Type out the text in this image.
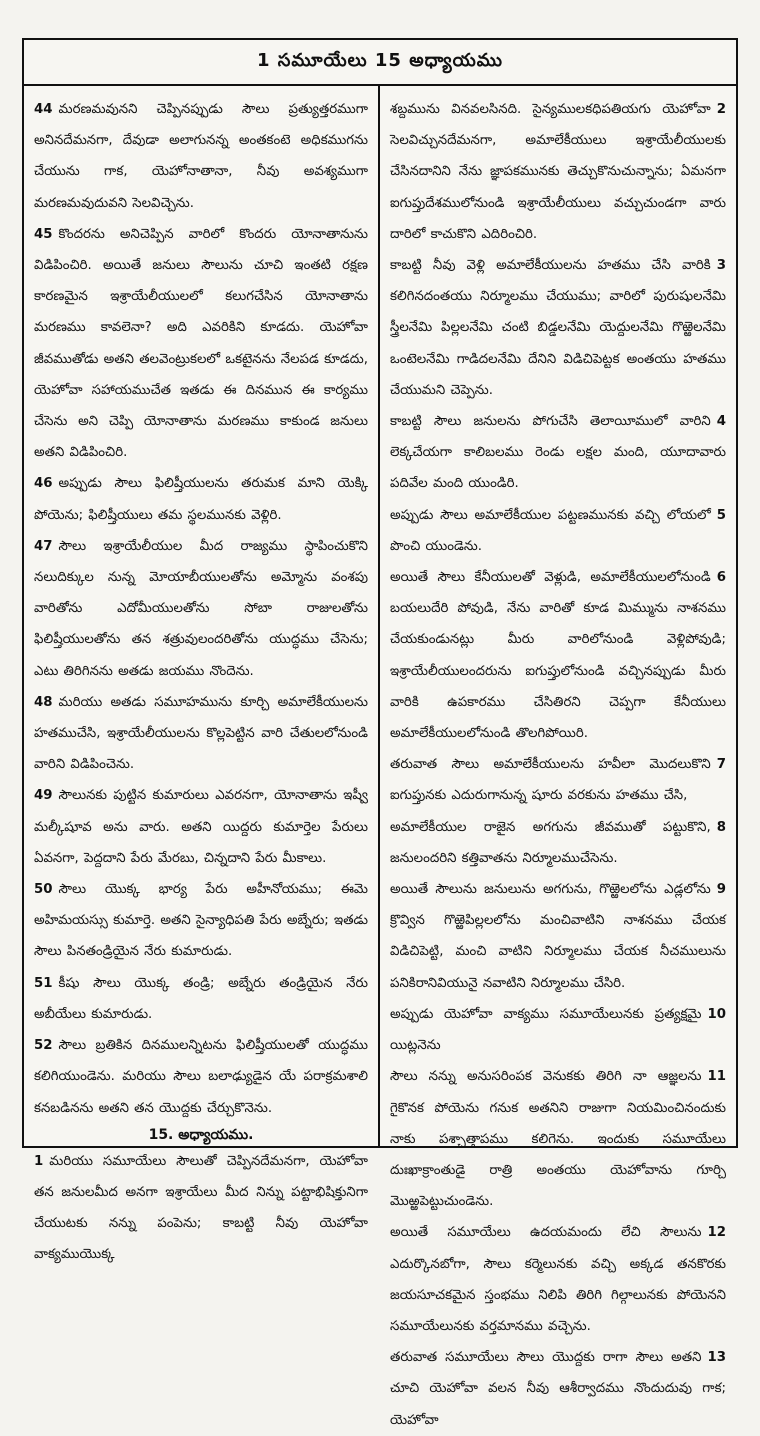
1 సమూయేలు 15 అధ్యాయము

44 మరణమవునని చెప్పినప్పుడు సౌలు ప్రత్యుత్తరముగా అనినదేమనగా, దేవుడా అలాగునన్న అంతకంటె అధికముగను చేయును గాక, యెహోనాతానా, నీవు అవశ్యముగా మరణమవుదువని సెలవిచ్చెను.

45 కొందరను అనిచెప్పిన వారిలో కొందరు యోనాతానును విడిపించిరి. అయితే జనులు సౌలును చూచి ఇంతటి రక్షణ కారణమైన ఇశ్రాయేలీయులలో కలుగచేసిన యోనాతాను మరణము కావలెనా? అది ఎవరికిని కూడదు. యెహోవా జీవముతోడు అతని తలవెంట్రుకలలో ఒకటైనను నేలపడ కూడదు, యెహోవా సహాయముచేత ఇతడు ఈ దినమున ఈ కార్యము చేసెను అని చెప్పి యోనాతాను మరణము కాకుండ జనులు అతని విడిపించిరి.

46 అప్పుడు సౌలు ఫిలిష్తీయులను తరుమక మాని యెక్కి పోయెను; ఫిలిష్తీయులు తమ స్థలమునకు వెళ్లిరి.

47 సౌలు ఇశ్రాయేలీయుల మీద రాజ్యము స్థాపించుకొని నలుదిక్కుల నున్న మోయాబీయులతోను అమ్మోను వంశపు వారితోను ఎదోమీయులతోను సోబా రాజులతోను ఫిలిష్తీయులతోను తన శత్రువులందరితోను యుద్ధము చేసెను; ఎటు తిరిగినను అతడు జయము నొందెను.

48 మరియు అతడు సమూహమును కూర్చి అమాలేకీయులను హతముచేసి, ఇశ్రాయేలీయులను కొల్లపెట్టిన వారి చేతులలోనుండి వారిని విడిపించెను.

49 సౌలునకు పుట్టిన కుమారులు ఎవరనగా, యోనాతాను ఇష్వీ మల్కీషూవ అను వారు. అతని యిద్దరు కుమార్తెల పేరులు ఏవనగా, పెద్దదాని పేరు మేరబు, చిన్నదాని పేరు మీకాలు.

50 సౌలు యొక్క భార్య పేరు అహీనోయము; ఈమె అహిమయస్సు కుమార్తె. అతని సైన్యాధిపతి పేరు అబ్నేరు; ఇతడు సౌలు పినతండ్రియైన నేరు కుమారుడు.

51 కీషు సౌలు యొక్క తండ్రి; అబ్నేరు తండ్రియైన నేరు అబీయేలు కుమారుడు.

52 సౌలు బ్రతికిన దినములన్నిటను ఫిలిష్తీయులతో యుద్ధము కలిగియుండెను. మరియు సౌలు బలాఢ్యుడైన యే పరాక్రమశాలి కనబడినను అతని తన యొద్దకు చేర్చుకొనెను.

15. అధ్యాయము.

1 మరియు సమూయేలు సౌలుతో చెప్పినదేమనగా, యెహోవా తన జనులమీద అనగా ఇశ్రాయేలు మీద నిన్ను పట్టాభిషిక్తునిగా చేయుటకు నన్ను పంపెను; కాబట్టి నీవు యెహోవా వాక్యముయొక్క

2
శబ్దమును వినవలసినది. సైన్యములకధిపతియగు యెహోవా సెలవిచ్చునదేమనగా, అమాలేకీయులు ఇశ్రాయేలీయులకు చేసినదానిని నేను జ్ఞాపకమునకు తెచ్చుకొనుచున్నాను; ఏమనగా ఐగుప్తుదేశములోనుండి ఇశ్రాయేలీయులు వచ్చుచుండగా వారు దారిలో కాచుకొని ఎదిరించిరి.

3
కాబట్టి నీవు వెళ్లి అమాలేకీయులను హతము చేసి వారికి కలిగినదంతయు నిర్మూలము చేయుము; వారిలో పురుషులనేమి స్త్రీలనేమి పిల్లలనేమి చంటి బిడ్డలనేమి యెద్దులనేమి గొఱ్ఱెలనేమి ఒంటెలనేమి గాడిదలనేమి దేనిని విడిచిపెట్టక అంతయు హతము చేయుమని చెప్పెను.

4
కాబట్టి సౌలు జనులను పోగుచేసి తెలాయీములో వారిని లెక్కచేయగా కాలిబలము రెండు లక్షల మంది, యూదావారు పదివేల మంది యుండిరి.

5
అప్పుడు సౌలు అమాలేకీయుల పట్టణమునకు వచ్చి లోయలో పొంచి యుండెను.

6
అయితే సౌలు కేనీయులతో వెళ్లుడి, అమాలేకీయులలోనుండి బయలుదేరి పోవుడి, నేను వారితో కూడ మిమ్మును నాశనము చేయకుండునట్లు మీరు వారిలోనుండి వెళ్లిపోవుడి; ఇశ్రాయేలీయులందరును ఐగుప్తులోనుండి వచ్చినప్పుడు మీరు వారికి ఉపకారము చేసితిరని చెప్పగా కేనీయులు అమాలేకీయులలోనుండి తొలగిపోయిరి.

7
తరువాత సౌలు అమాలేకీయులను హవీలా మొదలుకొని ఐగుప్తునకు ఎదురుగానున్న షూరు వరకును హతము చేసి,

8
అమాలేకీయుల రాజైన అగగును జీవముతో పట్టుకొని, జనులందరిని కత్తివాతను నిర్మూలముచేసెను.

9
అయితే సౌలును జనులును అగగును, గొఱ్ఱెలలోను ఎడ్లలోను క్రొవ్విన గొఱ్ఱెపిల్లలలోను మంచివాటిని నాశనము చేయక విడిచిపెట్టి, మంచి వాటిని నిర్మూలము చేయక నీచములును పనికిరానివియునై నవాటిని నిర్మూలము చేసిరి.

10
అప్పుడు యెహోవా వాక్యము సమూయేలునకు ప్రత్యక్షమై యిట్లనెను

11
సౌలు నన్ను అనుసరింపక వెనుకకు తిరిగి నా ఆజ్ఞలను గైకొనక పోయెను గనుక అతనిని రాజుగా నియమించినందుకు నాకు పశ్చాత్తాపము కలిగెను. ఇందుకు సమూయేలు దుఃఖాక్రాంతుడై రాత్రి అంతయు యెహోవాను గూర్చి మొఱ్ఱపెట్టుచుండెను.

12
అయితే సమూయేలు ఉదయమందు లేచి సౌలును ఎదుర్కొనబోగా, సౌలు కర్మెలునకు వచ్చి అక్కడ తనకొరకు జయసూచకమైన స్తంభము నిలిపి తిరిగి గిల్గాలునకు పోయెనని సమూయేలునకు వర్తమానము వచ్చెను.

13
తరువాత సమూయేలు సౌలు యొద్దకు రాగా సౌలు అతని చూచి యెహోవా వలన నీవు ఆశీర్వాదము నొందుదువు గాక; యెహోవా
